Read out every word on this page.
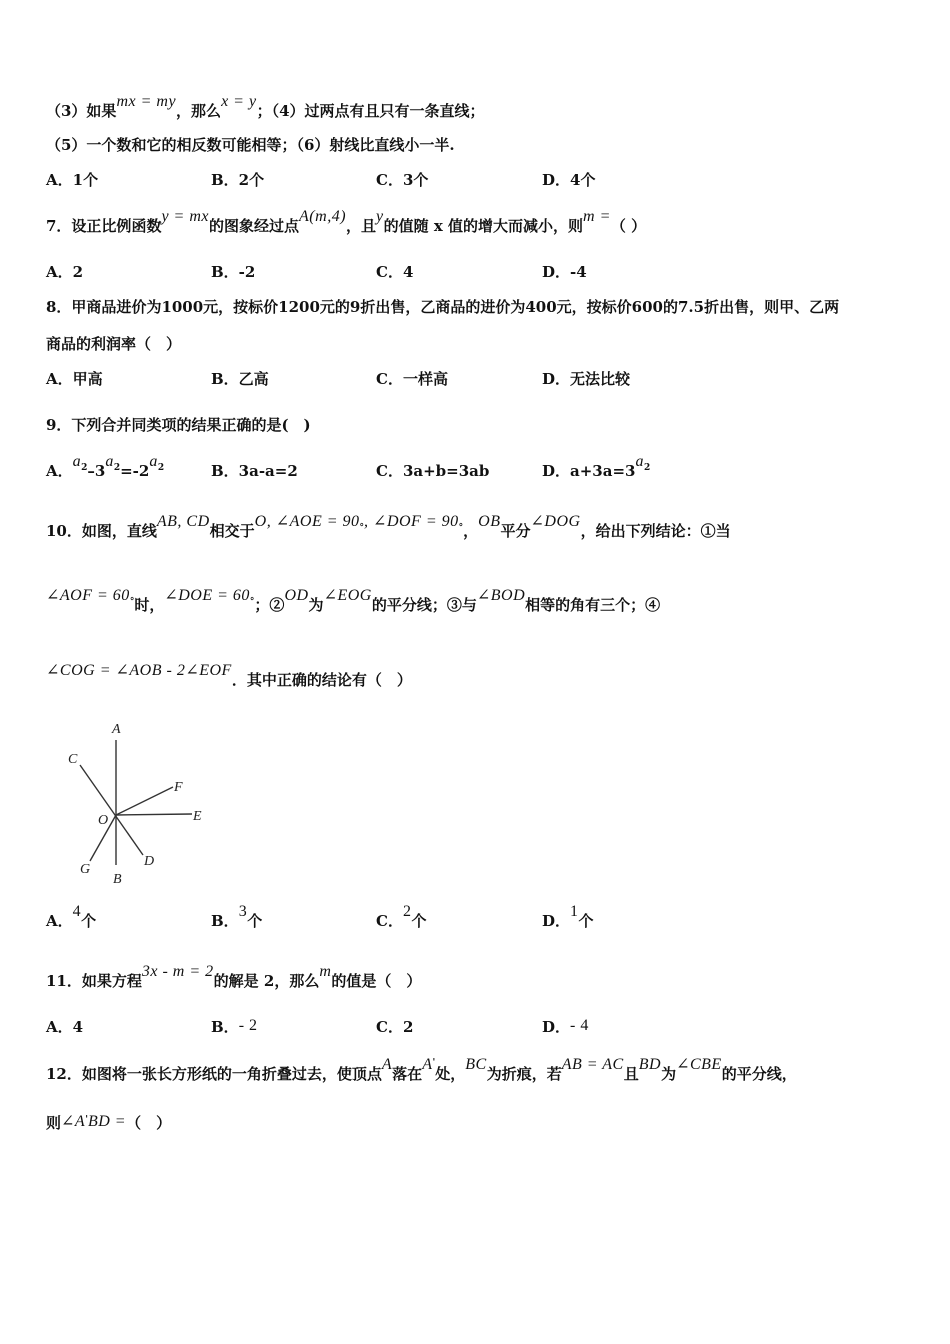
（3）如果mx = my，那么x = y；（4）过两点有且只有一条直线；
（5）一个数和它的相反数可能相等；（6）射线比直线小一半.
A．1个	B．2个	C．3个	D．4个
7．设正比例函数y = mx的图象经过点A(m,4)，且y的值随 x 值的增大而减小，则m =（ ）
A．2	B．-2	C．4	D．-4
8．甲商品进价为1000元，按标价1200元的9折出售，乙商品的进价为400元，按标价600的7.5折出售，则甲、乙两
商品的利润率（　）
A．甲高	B．乙高	C．一样高	D．无法比较
9．下列合并同类项的结果正确的是(　)
A．$a^2-3a^2=-2a^2$	B．3a-a=2	C．3a+b=3ab	D．$a+3a=3a^2$
10．如图，直线AB, CD相交于O, ∠AOE = 90°, ∠DOF = 90°，OB平分∠DOG，给出下列结论：①当
∠AOF = 60°时，∠DOE = 60°；②OD为∠EOG的平分线；③与∠BOD相等的角有三个；④
∠COG = ∠AOB - 2∠EOF．其中正确的结论有（　）
A
B
C
D
E
F
G
O
A．4个	B．3个	C．2个	D．1个
11．如果方程3x - m = 2的解是 2，那么m的值是（　）
A．4	B．- 2	C．2	D．- 4
12．如图将一张长方形纸的一角折叠过去，使顶点A落在A'处，BC为折痕，若AB = AC且BD为∠CBE的平分线，
则∠A'BD =（　）
